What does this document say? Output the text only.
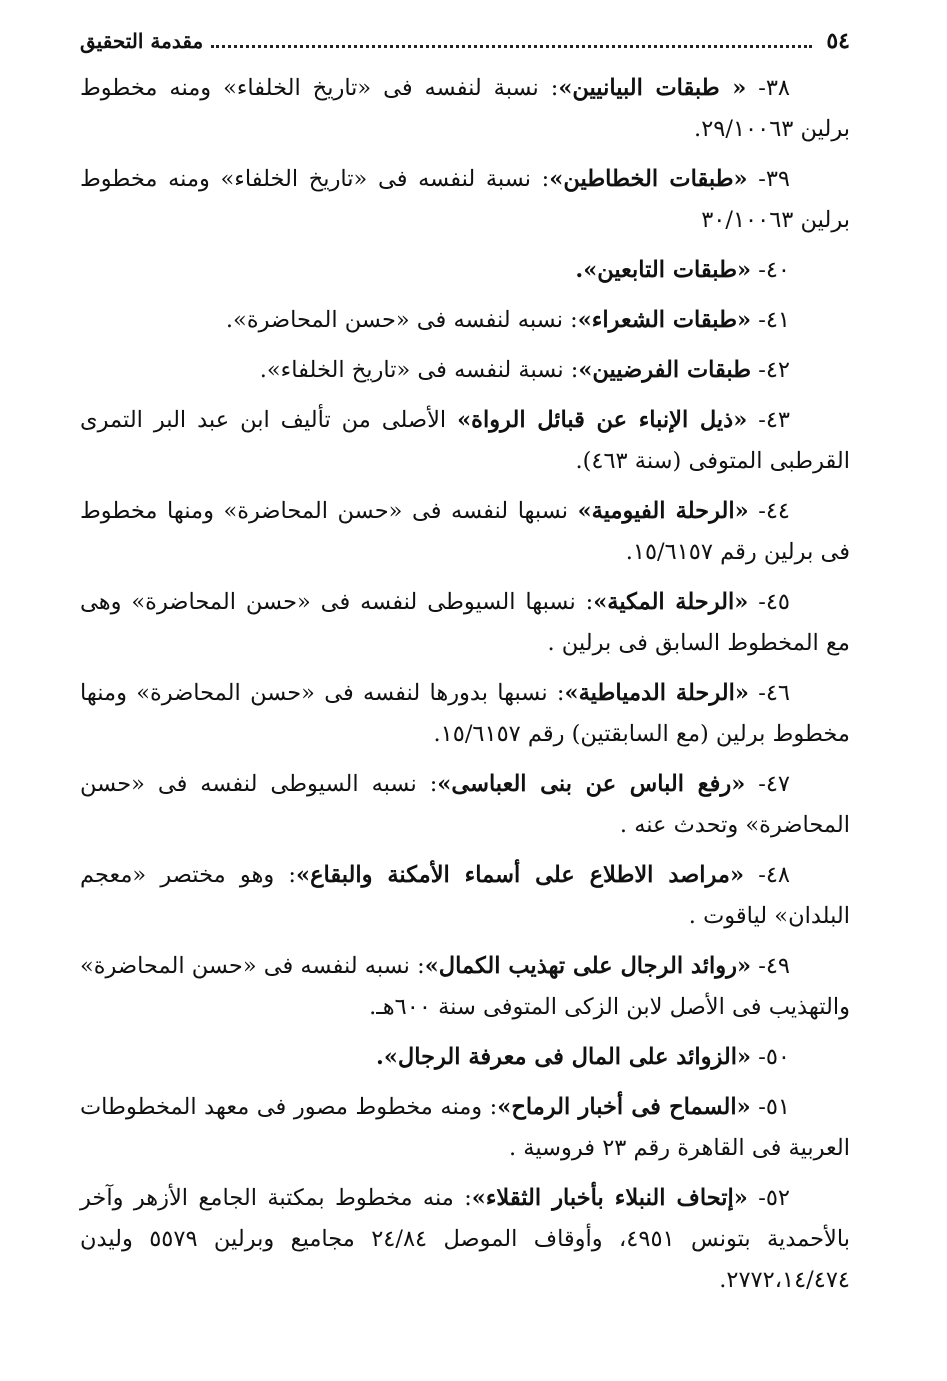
٥٤
مقدمة التحقيق

٣٨- « طبقات البيانيين»: نسبة لنفسه فى «تاريخ الخلفاء» ومنه مخطوط برلين ٢٩/١٠٠٦٣.

٣٩- «طبقات الخطاطين»: نسبة لنفسه فى «تاريخ الخلفاء» ومنه مخطوط برلين ٣٠/١٠٠٦٣

٤٠- «طبقات التابعين».

٤١- «طبقات الشعراء»: نسبه لنفسه فى «حسن المحاضرة».

٤٢- طبقات الفرضيين»: نسبة لنفسه فى «تاريخ الخلفاء».

٤٣- «ذيل الإنباء عن قبائل الرواة» الأصلى من تأليف ابن عبد البر التمرى القرطبى المتوفى (سنة ٤٦٣).

٤٤- «الرحلة الفيومية» نسبها لنفسه فى «حسن المحاضرة» ومنها مخطوط فى برلين رقم ١٥/٦١٥٧.

٤٥- «الرحلة المكية»: نسبها السيوطى لنفسه فى «حسن المحاضرة» وهى مع المخطوط السابق فى برلين .

٤٦- «الرحلة الدمياطية»: نسبها بدورها لنفسه فى «حسن المحاضرة» ومنها مخطوط برلين (مع السابقتين) رقم ١٥/٦١٥٧.

٤٧- «رفع الباس عن بنى العباسى»: نسبه السيوطى لنفسه فى «حسن المحاضرة» وتحدث عنه .

٤٨- «مراصد الاطلاع على أسماء الأمكنة والبقاع»: وهو مختصر «معجم البلدان» لياقوت .

٤٩- «روائد الرجال على تهذيب الكمال»: نسبه لنفسه فى «حسن المحاضرة» والتهذيب فى الأصل لابن الزكى المتوفى سنة ٦٠٠هـ.

٥٠- «الزوائد على المال فى معرفة الرجال».

٥١- «السماح فى أخبار الرماح»: ومنه مخطوط مصور فى معهد المخطوطات العربية فى القاهرة رقم ٢٣ فروسية .

٥٢- «إتحاف النبلاء بأخبار الثقلاء»: منه مخطوط بمكتبة الجامع الأزهر وآخر بالأحمدية بتونس ٤٩٥١، وأوقاف الموصل ٢٤/٨٤ مجاميع وبرلين ٥٥٧٩ وليدن ٢٧٧٢،١٤/٤٧٤.
